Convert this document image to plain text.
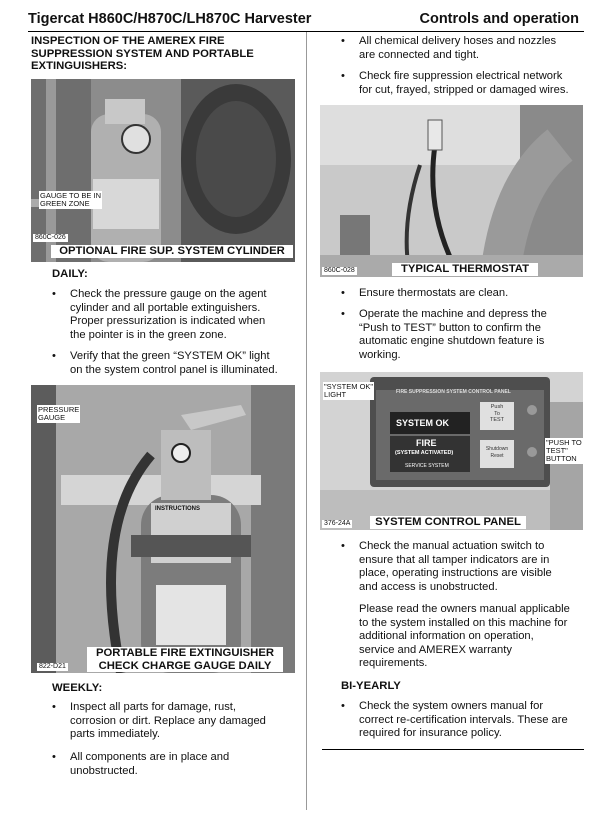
Tigercat H860C/H870C/LH870C Harvester	Controls and operation
INSPECTION OF THE AMEREX FIRE
SUPPRESSION SYSTEM AND PORTABLE
EXTINGUISHERS:
GAUGE TO BE IN
GREEN ZONE
860C-026
OPTIONAL FIRE SUP. SYSTEM CYLINDER
DAILY:
• Check the pressure gauge on the agent
cylinder and all portable extinguishers.
Proper pressurization is indicated when
the pointer is in the green zone.
• Verify that the green “SYSTEM OK” light
on the system control panel is illuminated.
PRESSURE
GAUGE
INSTRUCTIONS
822-D21
PORTABLE FIRE EXTINGUISHER
CHECK CHARGE GAUGE DAILY
WEEKLY:
• Inspect all parts for damage, rust,
corrosion or dirt. Replace any damaged
parts immediately.
• All components are in place and
unobstructed.
• All chemical delivery hoses and nozzles
are connected and tight.
• Check fire suppression electrical network
for cut, frayed, stripped or damaged wires.
860C-028	TYPICAL THERMOSTAT
• Ensure thermostats are clean.
• Operate the machine and depress the
“Push to TEST” button to confirm the
automatic engine shutdown feature is
working.
FIRE SUPPRESSION SYSTEM CONTROL PANEL
SYSTEM OK
FIRE
(SYSTEM ACTIVATED)
SERVICE SYSTEM
Push
To
TEST
Shutdown
Reset
"SYSTEM OK"
LIGHT
"PUSH TO
TEST"
BUTTON
376-24A	SYSTEM CONTROL PANEL
• Check the manual actuation switch to
ensure that all tamper indicators are in
place, operating instructions are visible
and access is unobstructed.
Please read the owners manual applicable
to the system installed on this machine for
additional information on operation,
service and AMEREX warranty
requirements.
BI-YEARLY
• Check the system owners manual for
correct re-certification intervals. These are
required for insurance policy.
